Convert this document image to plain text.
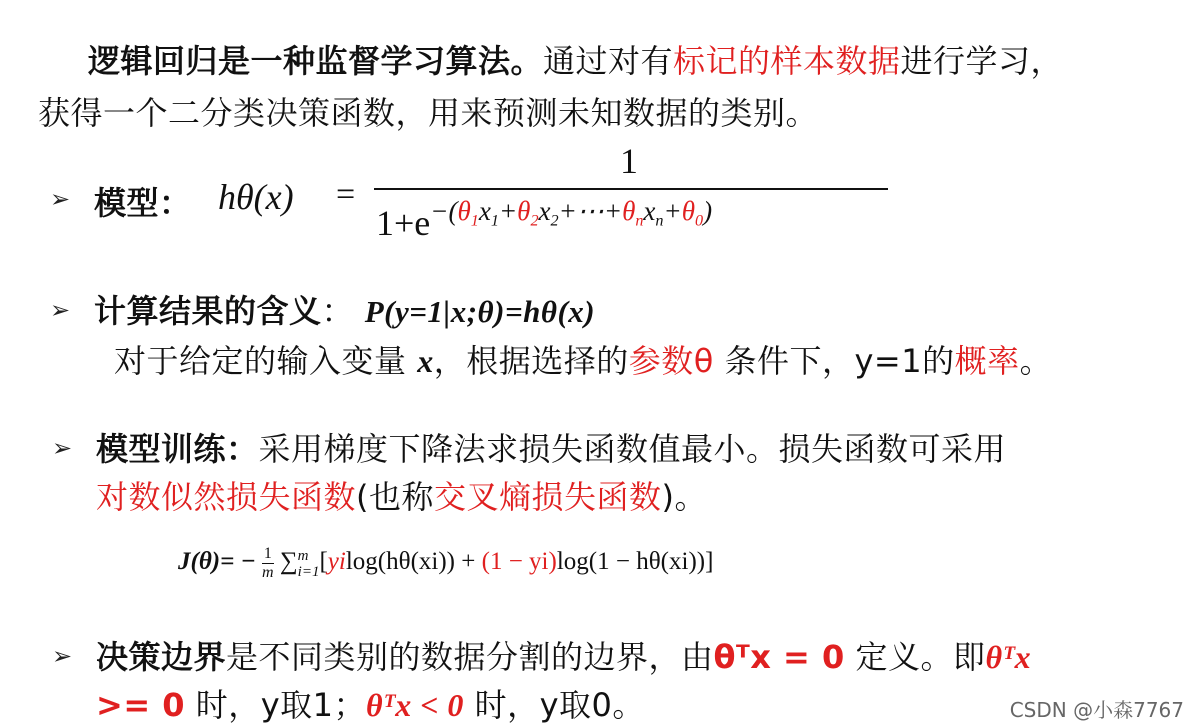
逻辑回归是一种监督学习算法。通过对有标记的样本数据进行学习，
获得一个二分类决策函数，用来预测未知数据的类别。
➢ 模型： hθ(x) =
1
$1+e^{-(\theta_1x_1+\theta_2x_2+\cdots+\theta_nx_n+\theta_0)}$
➢ 计算结果的含义： P(y=1|x;θ)=hθ(x)
对于给定的输入变量 x，根据选择的参数θ 条件下，y=1的概率。
➢ 模型训练：采用梯度下降法求损失函数值最小。损失函数可采用
对数似然损失函数(也称交叉熵损失函数)。
$J(\theta)= - \frac{1}{m}$ ∑ m
i=1 [yilog(hθ(xi)) + (1 − yi)log(1 − hθ(xi))]
➢ 决策边界是不同类别的数据分割的边界，由θᵀx = 0 定义。即θᵀx
>= 0 时，y取1；θᵀx < 0 时，y取0。	CSDN @小森7767
